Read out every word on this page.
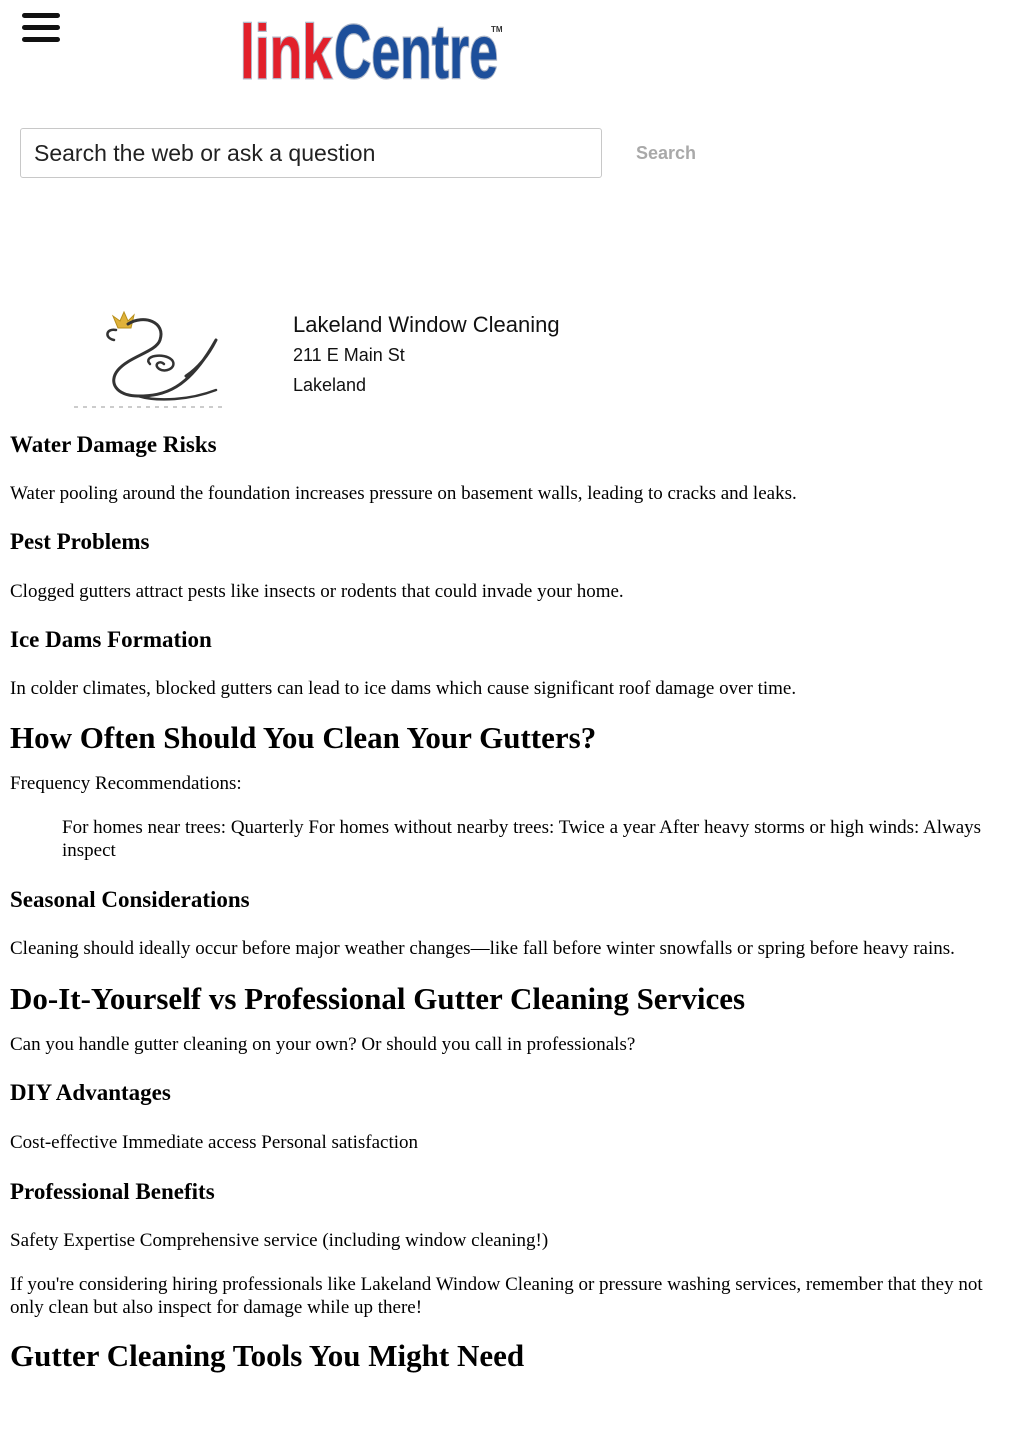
link Centre
TM
Search the web or ask a question
Search
Lakeland Window Cleaning
211 E Main St
Lakeland
Water Damage Risks

Water pooling around the foundation increases pressure on basement walls, leading to cracks and leaks.

Pest Problems

Clogged gutters attract pests like insects or rodents that could invade your home.

Ice Dams Formation

In colder climates, blocked gutters can lead to ice dams which cause significant roof damage over time.

How Often Should You Clean Your Gutters?

Frequency Recommendations:

For homes near trees: Quarterly For homes without nearby trees: Twice a year After heavy storms or high winds: Always inspect
Seasonal Considerations

Cleaning should ideally occur before major weather changes—like fall before winter snowfalls or spring before heavy rains.

Do-It-Yourself vs Professional Gutter Cleaning Services

Can you handle gutter cleaning on your own? Or should you call in professionals?

DIY Advantages

Cost-effective Immediate access Personal satisfaction

Professional Benefits

Safety Expertise Comprehensive service (including window cleaning!)

If you're considering hiring professionals like Lakeland Window Cleaning or pressure washing services, remember that they not only clean but also inspect for damage while up there!

Gutter Cleaning Tools You Might Need
